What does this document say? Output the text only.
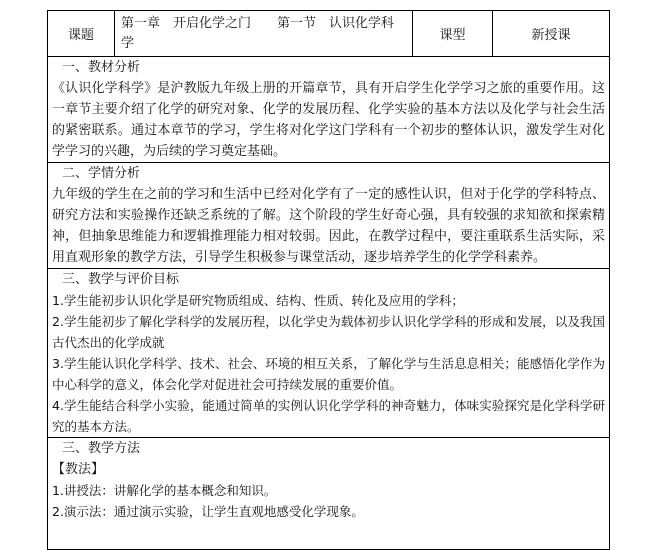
课题
第一章　开启化学之门　　第一节　认识化学科学	课型	新授课
一、教材分析

《认识化学科学》是沪教版九年级上册的开篇章节，具有开启学生化学学习之旅的重要作用。这一章节主要介绍了化学的研究对象、化学的发展历程、化学实验的基本方法以及化学与社会生活的紧密联系。通过本章节的学习，学生将对化学这门学科有一个初步的整体认识，激发学生对化学学习的兴趣，为后续的学习奠定基础。

二、学情分析

九年级的学生在之前的学习和生活中已经对化学有了一定的感性认识，但对于化学的学科特点、研究方法和实验操作还缺乏系统的了解。这个阶段的学生好奇心强，具有较强的求知欲和探索精神，但抽象思维能力和逻辑推理能力相对较弱。因此，在教学过程中，要注重联系生活实际，采用直观形象的教学方法，引导学生积极参与课堂活动，逐步培养学生的化学学科素养。

三、教学与评价目标

1.学生能初步认识化学是研究物质组成、结构、性质、转化及应用的学科；

2.学生能初步了解化学科学的发展历程，以化学史为载体初步认识化学学科的形成和发展，以及我国古代杰出的化学成就

3.学生能认识化学科学、技术、社会、环境的相互关系，了解化学与生活息息相关；能感悟化学作为中心科学的意义，体会化学对促进社会可持续发展的重要价值。

4.学生能结合科学小实验，能通过简单的实例认识化学学科的神奇魅力，体味实验探究是化学科学研究的基本方法。

三、教学方法

【教法】

1.讲授法：讲解化学的基本概念和知识。

2.演示法：通过演示实验，让学生直观地感受化学现象。
